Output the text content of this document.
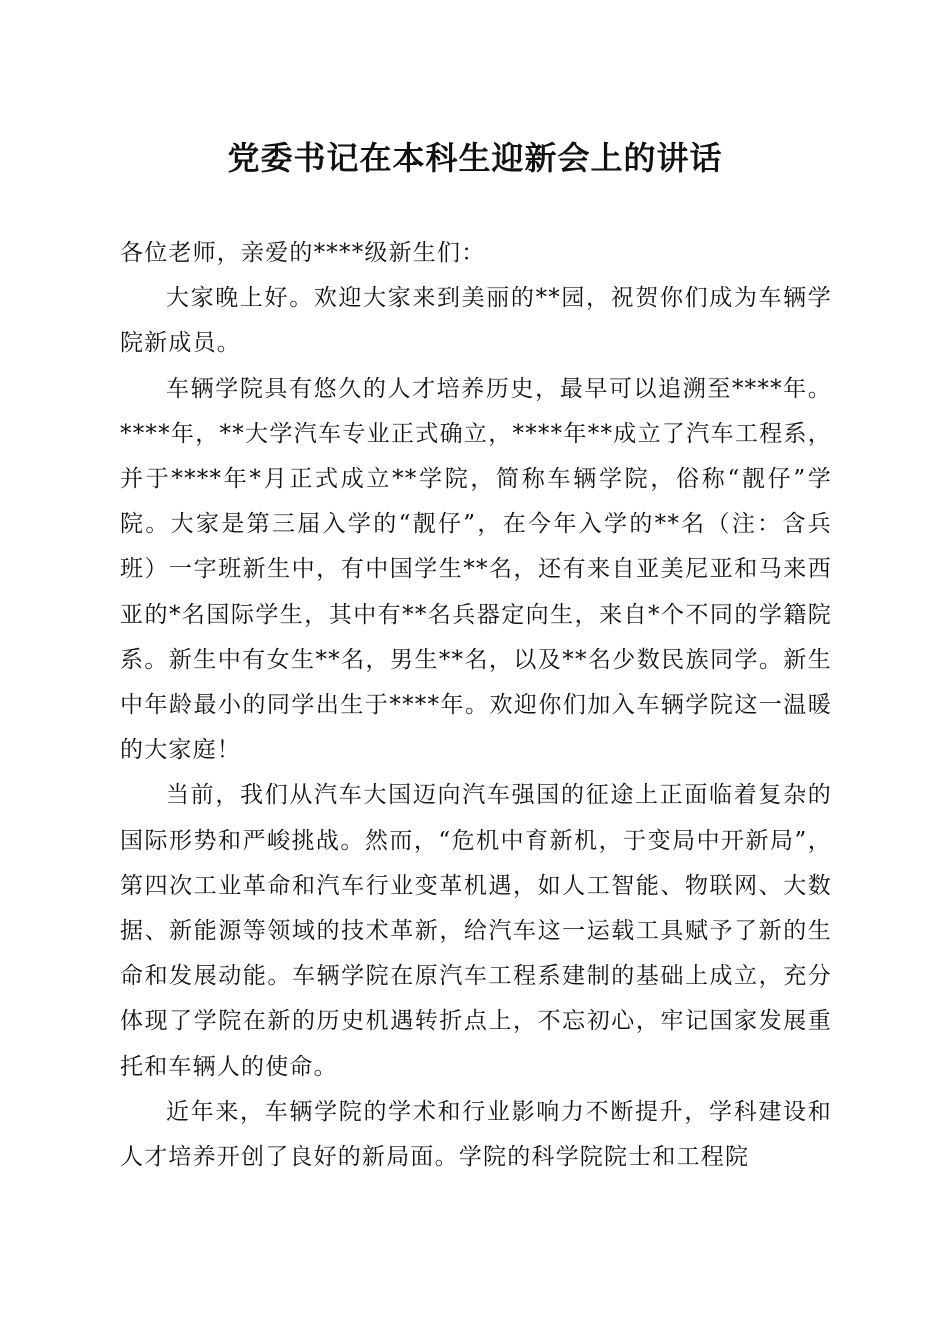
党委书记在本科生迎新会上的讲话

各位老师，亲爱的****级新生们：

大家晚上好。欢迎大家来到美丽的**园，祝贺你们成为车辆学院新成员。

车辆学院具有悠久的人才培养历史，最早可以追溯至****年。****年，**大学汽车专业正式确立，****年**成立了汽车工程系，并于****年*月正式成立**学院，简称车辆学院，俗称“靓仔”学院。大家是第三届入学的“靓仔”，在今年入学的**名（注：含兵班）一字班新生中，有中国学生**名，还有来自亚美尼亚和马来西亚的*名国际学生，其中有**名兵器定向生，来自*个不同的学籍院系。新生中有女生**名，男生**名，以及**名少数民族同学。新生中年龄最小的同学出生于****年。欢迎你们加入车辆学院这一温暖的大家庭！

当前，我们从汽车大国迈向汽车强国的征途上正面临着复杂的国际形势和严峻挑战。然而，“危机中育新机，于变局中开新局”，第四次工业革命和汽车行业变革机遇，如人工智能、物联网、大数据、新能源等领域的技术革新，给汽车这一运载工具赋予了新的生命和发展动能。车辆学院在原汽车工程系建制的基础上成立，充分体现了学院在新的历史机遇转折点上，不忘初心，牢记国家发展重托和车辆人的使命。

近年来，车辆学院的学术和行业影响力不断提升，学科建设和人才培养开创了良好的新局面。学院的科学院院士和工程院
